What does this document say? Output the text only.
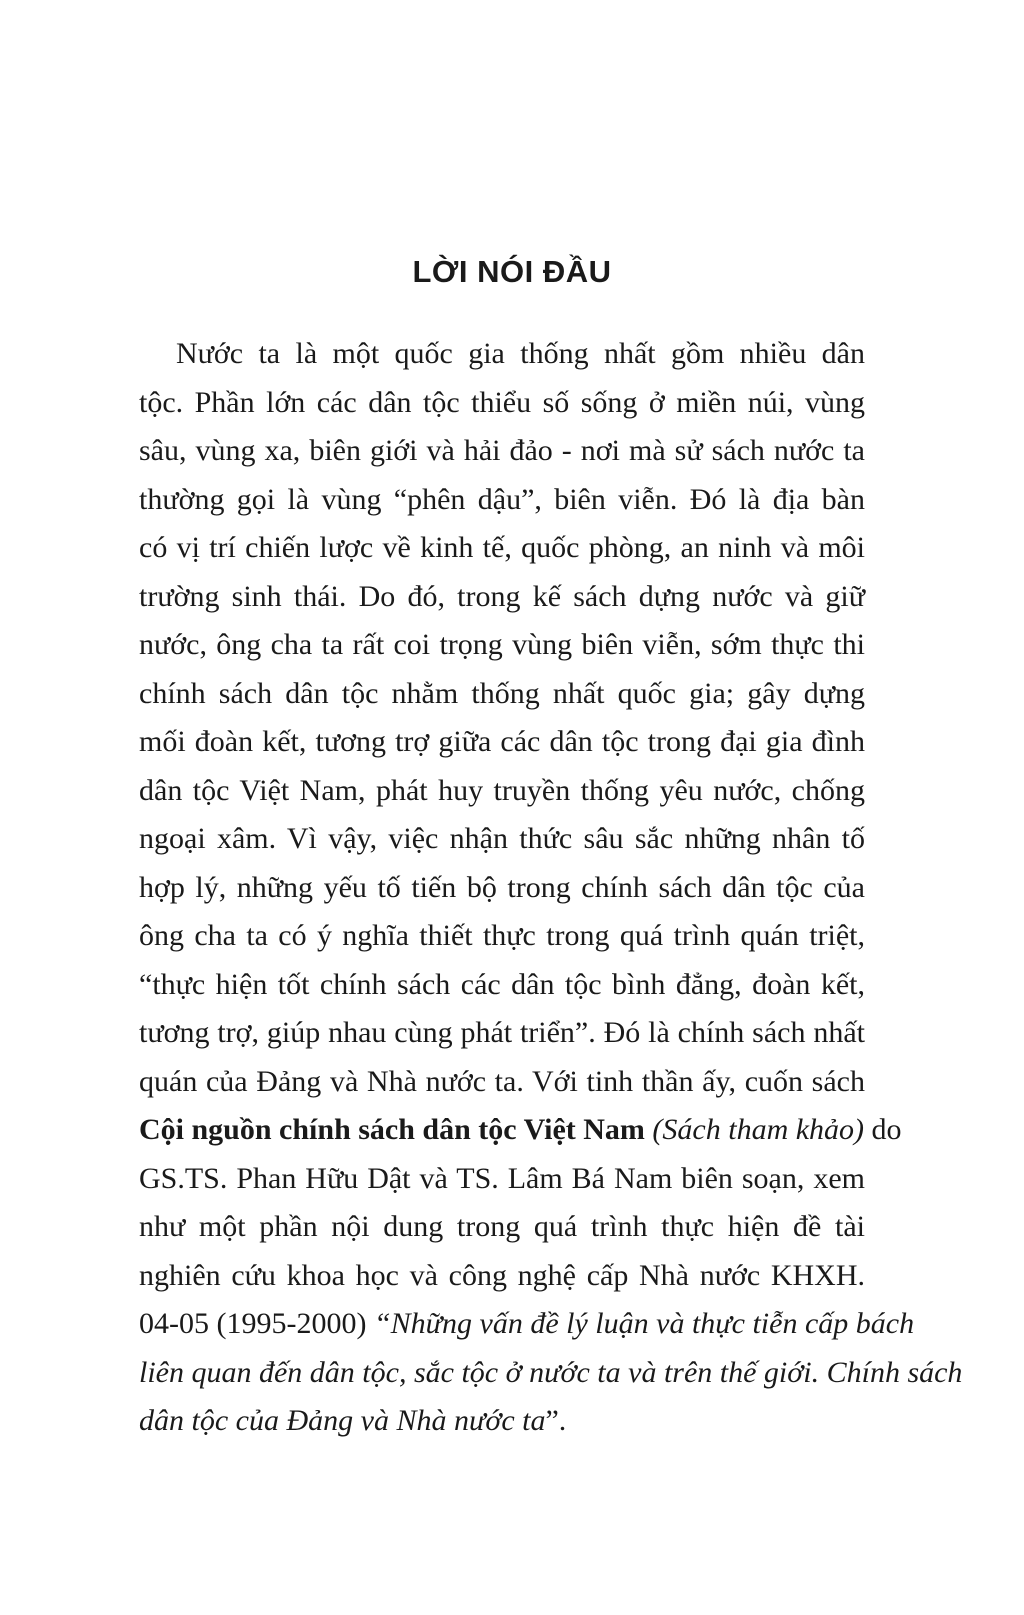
LỜI NÓI ĐẦU
Nước ta là một quốc gia thống nhất gồm nhiều dân
tộc. Phần lớn các dân tộc thiểu số sống ở miền núi, vùng
sâu, vùng xa, biên giới và hải đảo - nơi mà sử sách nước ta
thường gọi là vùng “phên dậu”, biên viễn. Đó là địa bàn
có vị trí chiến lược về kinh tế, quốc phòng, an ninh và môi
trường sinh thái. Do đó, trong kế sách dựng nước và giữ
nước, ông cha ta rất coi trọng vùng biên viễn, sớm thực thi
chính sách dân tộc nhằm thống nhất quốc gia; gây dựng
mối đoàn kết, tương trợ giữa các dân tộc trong đại gia đình
dân tộc Việt Nam, phát huy truyền thống yêu nước, chống
ngoại xâm. Vì vậy, việc nhận thức sâu sắc những nhân tố
hợp lý, những yếu tố tiến bộ trong chính sách dân tộc của
ông cha ta có ý nghĩa thiết thực trong quá trình quán triệt,
“thực hiện tốt chính sách các dân tộc bình đẳng, đoàn kết,
tương trợ, giúp nhau cùng phát triển”. Đó là chính sách nhất
quán của Đảng và Nhà nước ta. Với tinh thần ấy, cuốn sách
Cội nguồn chính sách dân tộc Việt Nam (Sách tham khảo) do
GS.TS. Phan Hữu Dật và TS. Lâm Bá Nam biên soạn, xem
như một phần nội dung trong quá trình thực hiện đề tài
nghiên cứu khoa học và công nghệ cấp Nhà nước KHXH.
04-05 (1995-2000) “Những vấn đề lý luận và thực tiễn cấp bách
liên quan đến dân tộc, sắc tộc ở nước ta và trên thế giới. Chính sách
dân tộc của Đảng và Nhà nước ta”.
